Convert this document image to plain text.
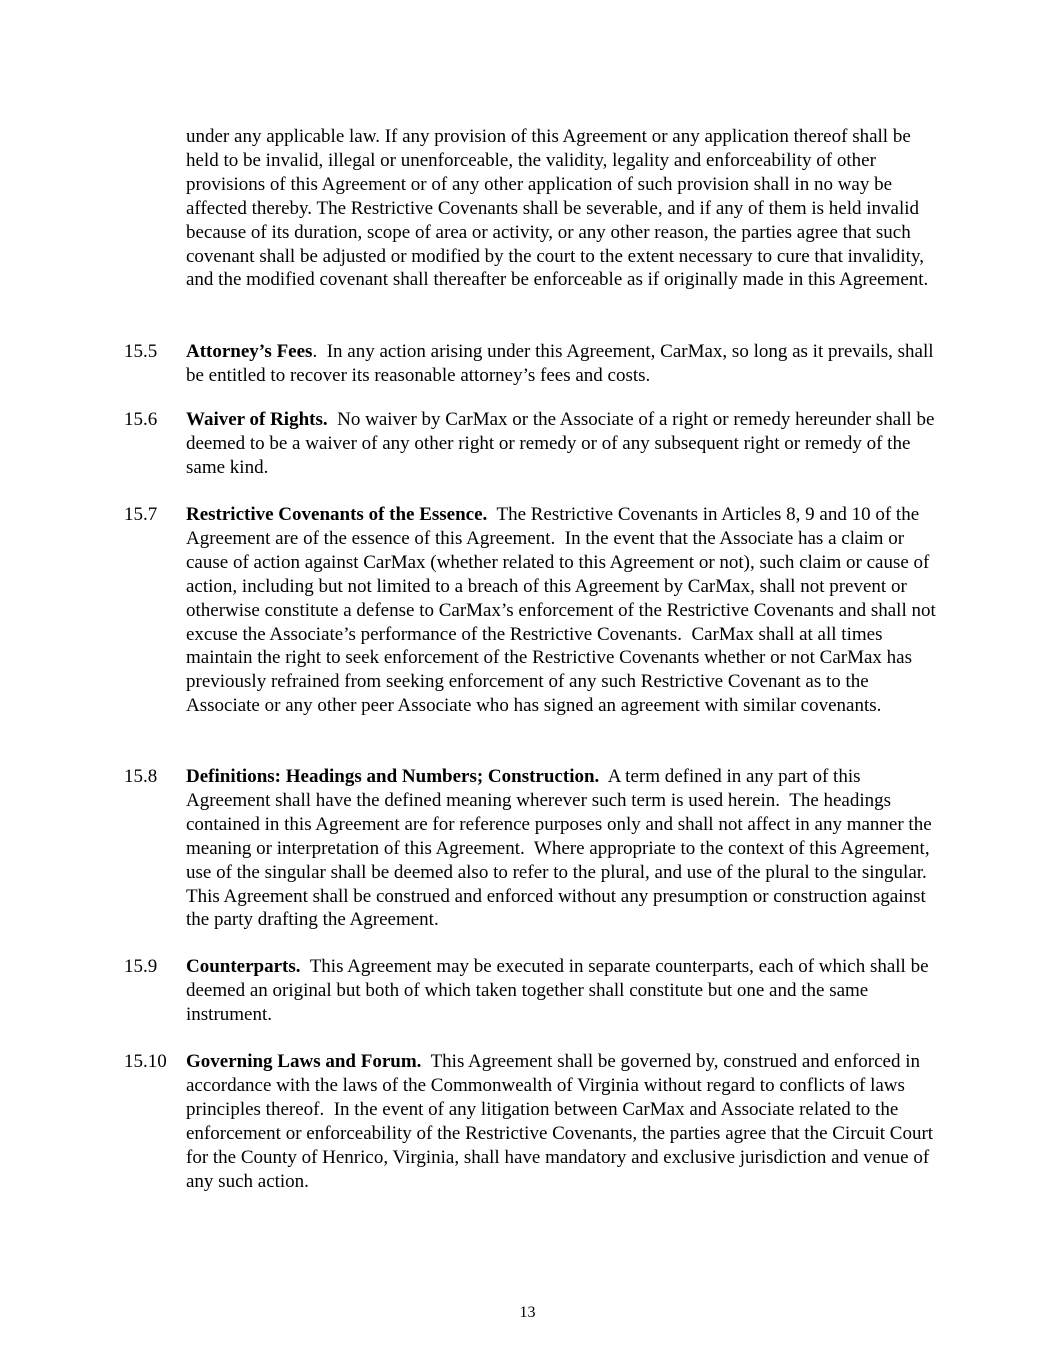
under any applicable law. If any provision of this Agreement or any application thereof shall be held to be invalid, illegal or unenforceable, the validity, legality and enforceability of other provisions of this Agreement or of any other application of such provision shall in no way be affected thereby. The Restrictive Covenants shall be severable, and if any of them is held invalid because of its duration, scope of area or activity, or any other reason, the parties agree that such covenant shall be adjusted or modified by the court to the extent necessary to cure that invalidity, and the modified covenant shall thereafter be enforceable as if originally made in this Agreement.

15.5	Attorney’s Fees.  In any action arising under this Agreement, CarMax, so long as it prevails, shall be entitled to recover its reasonable attorney’s fees and costs.
15.6	Waiver of Rights.  No waiver by CarMax or the Associate of a right or remedy hereunder shall be deemed to be a waiver of any other right or remedy or of any subsequent right or remedy of the same kind.
15.7	Restrictive Covenants of the Essence.  The Restrictive Covenants in Articles 8, 9 and 10 of the Agreement are of the essence of this Agreement.  In the event that the Associate has a claim or cause of action against CarMax (whether related to this Agreement or not), such claim or cause of action, including but not limited to a breach of this Agreement by CarMax, shall not prevent or otherwise constitute a defense to CarMax’s enforcement of the Restrictive Covenants and shall not excuse the Associate’s performance of the Restrictive Covenants.  CarMax shall at all times maintain the right to seek enforcement of the Restrictive Covenants whether or not CarMax has previously refrained from seeking enforcement of any such Restrictive Covenant as to the Associate or any other peer Associate who has signed an agreement with similar covenants.
15.8	Definitions: Headings and Numbers; Construction.  A term defined in any part of this Agreement shall have the defined meaning wherever such term is used herein.  The headings contained in this Agreement are for reference purposes only and shall not affect in any manner the meaning or interpretation of this Agreement.  Where appropriate to the context of this Agreement, use of the singular shall be deemed also to refer to the plural, and use of the plural to the singular.  This Agreement shall be construed and enforced without any presumption or construction against the party drafting the Agreement.
15.9	Counterparts.  This Agreement may be executed in separate counterparts, each of which shall be deemed an original but both of which taken together shall constitute but one and the same instrument.
15.10	Governing Laws and Forum.  This Agreement shall be governed by, construed and enforced in accordance with the laws of the Commonwealth of Virginia without regard to conflicts of laws principles thereof.  In the event of any litigation between CarMax and Associate related to the enforcement or enforceability of the Restrictive Covenants, the parties agree that the Circuit Court for the County of Henrico, Virginia, shall have mandatory and exclusive jurisdiction and venue of any such action.
13
